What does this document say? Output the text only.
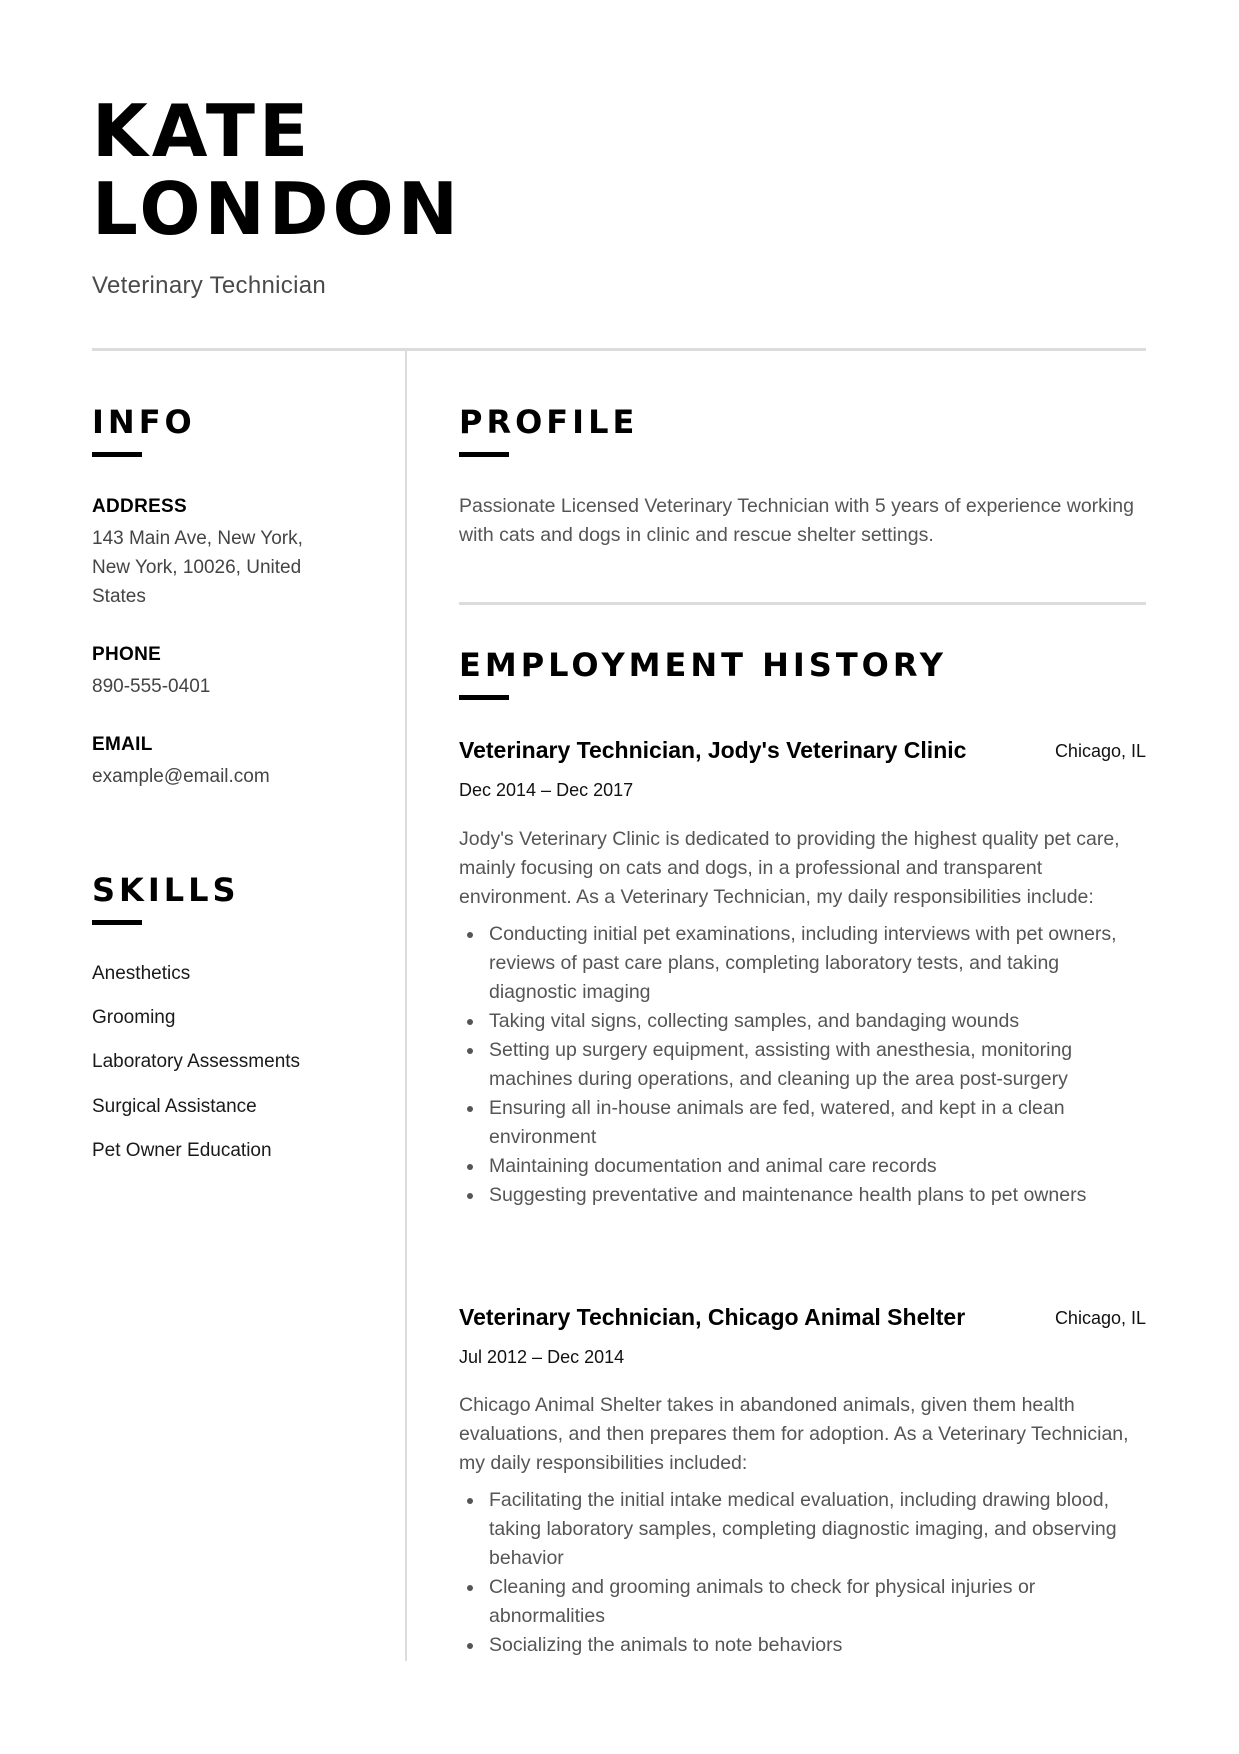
KATE
LONDON
Veterinary Technician
INFO
ADDRESS
143 Main Ave, New York, New York, 10026, United States
PHONE
890-555-0401
EMAIL
example@email.com
SKILLS
Anesthetics
Grooming
Laboratory Assessments
Surgical Assistance
Pet Owner Education
PROFILE

Passionate Licensed Veterinary Technician with 5 years of experience working with cats and dogs in clinic and rescue shelter settings.

EMPLOYMENT HISTORY
Veterinary Technician, Jody's Veterinary Clinic	Chicago, IL
Dec 2014 – Dec 2017

Jody's Veterinary Clinic is dedicated to providing the highest quality pet care, mainly focusing on cats and dogs, in a professional and transparent environment. As a Veterinary Technician, my daily responsibilities include:

Conducting initial pet examinations, including interviews with pet owners, reviews of past care plans, completing laboratory tests, and taking diagnostic imaging
Taking vital signs, collecting samples, and bandaging wounds
Setting up surgery equipment, assisting with anesthesia, monitoring machines during operations, and cleaning up the area post-surgery
Ensuring all in-house animals are fed, watered, and kept in a clean environment
Maintaining documentation and animal care records
Suggesting preventative and maintenance health plans to pet owners
Veterinary Technician, Chicago Animal Shelter	Chicago, IL
Jul 2012 – Dec 2014

Chicago Animal Shelter takes in abandoned animals, given them health evaluations, and then prepares them for adoption. As a Veterinary Technician, my daily responsibilities included:

Facilitating the initial intake medical evaluation, including drawing blood, taking laboratory samples, completing diagnostic imaging, and observing behavior
Cleaning and grooming animals to check for physical injuries or abnormalities
Socializing the animals to note behaviors
